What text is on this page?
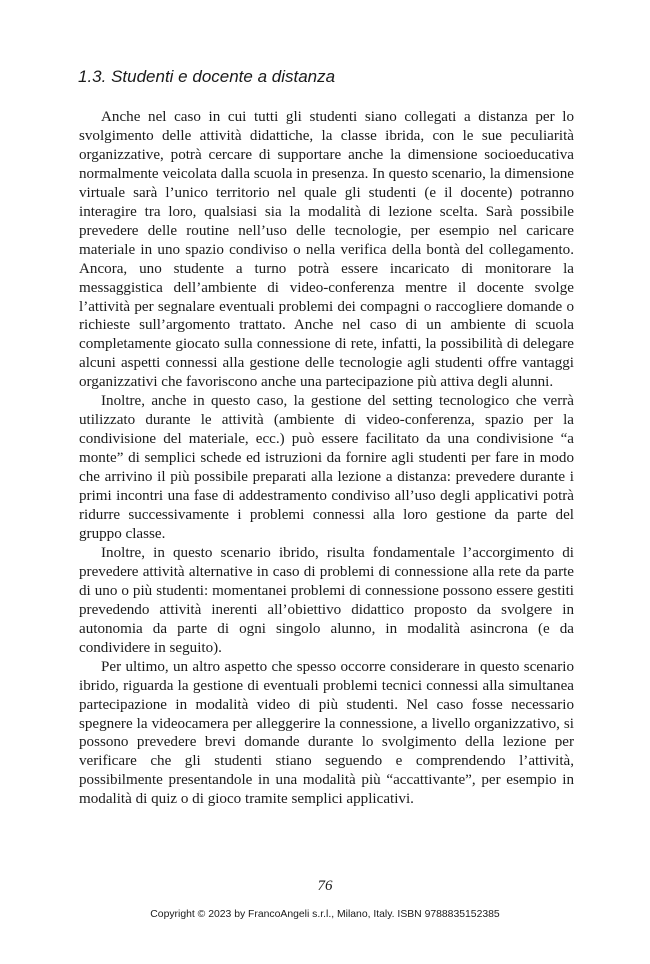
1.3. Studenti e docente a distanza

Anche nel caso in cui tutti gli studenti siano collegati a distanza per lo svolgimento delle attività didattiche, la classe ibrida, con le sue peculiarità organizzative, potrà cercare di supportare anche la dimensione socioeducativa normalmente veicolata dalla scuola in presenza. In questo scenario, la dimensione virtuale sarà l’unico territorio nel quale gli studenti (e il docente) potranno interagire tra loro, qualsiasi sia la modalità di lezione scelta. Sarà possibile prevedere delle routine nell’uso delle tecnologie, per esempio nel caricare materiale in uno spazio condiviso o nella verifica della bontà del collegamento. Ancora, uno studente a turno potrà essere incaricato di monitorare la messaggistica dell’ambiente di video-conferenza mentre il docente svolge l’attività per segnalare eventuali problemi dei compagni o raccogliere domande o richieste sull’argomento trattato. Anche nel caso di un ambiente di scuola completamente giocato sulla connessione di rete, infatti, la possibilità di delegare alcuni aspetti connessi alla gestione delle tecnologie agli studenti offre vantaggi organizzativi che favoriscono anche una partecipazione più attiva degli alunni.

Inoltre, anche in questo caso, la gestione del setting tecnologico che verrà utilizzato durante le attività (ambiente di video-conferenza, spazio per la condivisione del materiale, ecc.) può essere facilitato da una condivisione “a monte” di semplici schede ed istruzioni da fornire agli studenti per fare in modo che arrivino il più possibile preparati alla lezione a distanza: prevedere durante i primi incontri una fase di addestramento condiviso all’uso degli applicativi potrà ridurre successivamente i problemi connessi alla loro gestione da parte del gruppo classe.

Inoltre, in questo scenario ibrido, risulta fondamentale l’accorgimento di prevedere attività alternative in caso di problemi di connessione alla rete da parte di uno o più studenti: momentanei problemi di connessione possono essere gestiti prevedendo attività inerenti all’obiettivo didattico proposto da svolgere in autonomia da parte di ogni singolo alunno, in modalità asincrona (e da condividere in seguito).

Per ultimo, un altro aspetto che spesso occorre considerare in questo scenario ibrido, riguarda la gestione di eventuali problemi tecnici connessi alla simultanea partecipazione in modalità video di più studenti. Nel caso fosse necessario spegnere la videocamera per alleggerire la connessione, a livello organizzativo, si possono prevedere brevi domande durante lo svolgimento della lezione per verificare che gli studenti stiano seguendo e comprendendo l’attività, possibilmente presentandole in una modalità più “accattivante”, per esempio in modalità di quiz o di gioco tramite semplici applicativi.

76
Copyright © 2023 by FrancoAngeli s.r.l., Milano, Italy. ISBN 9788835152385
